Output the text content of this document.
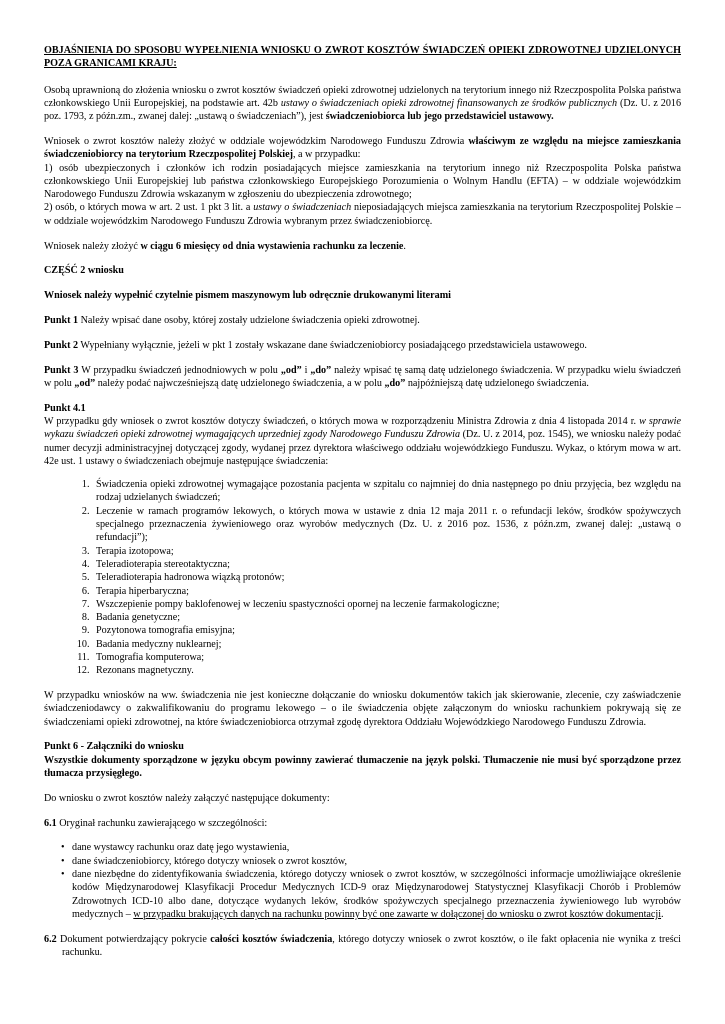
OBJAŚNIENIA DO SPOSOBU WYPEŁNIENIA WNIOSKU O ZWROT KOSZTÓW ŚWIADCZEŃ OPIEKI ZDROWOTNEJ UDZIELONYCH POZA GRANICAMI KRAJU:

Osobą uprawnioną do złożenia wniosku o zwrot kosztów świadczeń opieki zdrowotnej udzielonych na terytorium innego niż Rzeczpospolita Polska państwa członkowskiego Unii Europejskiej, na podstawie art. 42b ustawy o świadczeniach opieki zdrowotnej finansowanych ze środków publicznych (Dz. U. z 2016 poz. 1793, z późn.zm., zwanej dalej: „ustawą o świadczeniach”), jest świadczeniobiorca lub jego przedstawiciel ustawowy.

Wniosek o zwrot kosztów należy złożyć w oddziale wojewódzkim Narodowego Funduszu Zdrowia właściwym ze względu na miejsce zamieszkania świadczeniobiorcy na terytorium Rzeczpospolitej Polskiej, a w przypadku:

1) osób ubezpieczonych i członków ich rodzin posiadających miejsce zamieszkania na terytorium innego niż Rzeczpospolita Polska państwa członkowskiego Unii Europejskiej lub państwa członkowskiego Europejskiego Porozumienia o Wolnym Handlu (EFTA) – w oddziale wojewódzkim Narodowego Funduszu Zdrowia wskazanym w zgłoszeniu do ubezpieczenia zdrowotnego;

2) osób, o których mowa w art. 2 ust. 1 pkt 3 lit. a ustawy o świadczeniach nieposiadających miejsca zamieszkania na terytorium Rzeczpospolitej Polskie – w oddziale wojewódzkim Narodowego Funduszu Zdrowia wybranym przez świadczeniobiorcę.

Wniosek należy złożyć w ciągu 6 miesięcy od dnia wystawienia rachunku za leczenie.

CZĘŚĆ 2 wniosku

Wniosek należy wypełnić czytelnie pismem maszynowym lub odręcznie drukowanymi literami

Punkt 1 Należy wpisać dane osoby, której zostały udzielone świadczenia opieki zdrowotnej.

Punkt 2 Wypełniany wyłącznie, jeżeli w pkt 1 zostały wskazane dane świadczeniobiorcy posiadającego przedstawiciela ustawowego.

Punkt 3 W przypadku świadczeń jednodniowych w polu „od” i „do” należy wpisać tę samą datę udzielonego świadczenia. W przypadku wielu świadczeń w polu „od” należy podać najwcześniejszą datę udzielonego świadczenia, a w polu „do” najpóźniejszą datę udzielonego świadczenia.

Punkt 4.1

W przypadku gdy wniosek o zwrot kosztów dotyczy świadczeń, o których mowa w rozporządzeniu Ministra Zdrowia z dnia 4 listopada 2014 r. w sprawie wykazu świadczeń opieki zdrowotnej wymagających uprzedniej zgody Narodowego Funduszu Zdrowia (Dz. U. z 2014, poz. 1545), we wniosku należy podać numer decyzji administracyjnej dotyczącej zgody, wydanej przez dyrektora właściwego oddziału wojewódzkiego Funduszu. Wykaz, o którym mowa w art. 42e ust. 1 ustawy o świadczeniach obejmuje następujące świadczenia:

1. Świadczenia opieki zdrowotnej wymagające pozostania pacjenta w szpitalu co najmniej do dnia następnego po dniu przyjęcia, bez względu na rodzaj udzielanych świadczeń;
2. Leczenie w ramach programów lekowych, o których mowa w ustawie z dnia 12 maja 2011 r. o refundacji leków, środków spożywczych specjalnego przeznaczenia żywieniowego oraz wyrobów medycznych (Dz. U. z 2016 poz. 1536, z późn.zm, zwanej dalej: „ustawą o refundacji”);
3. Terapia izotopowa;
4. Teleradioterapia stereotaktyczna;
5. Teleradioterapia hadronowa wiązką protonów;
6. Terapia hiperbaryczna;
7. Wszczepienie pompy baklofenowej w leczeniu spastyczności opornej na leczenie farmakologiczne;
8. Badania genetyczne;
9. Pozytonowa tomografia emisyjna;
10. Badania medyczny nuklearnej;
11. Tomografia komputerowa;
12. Rezonans magnetyczny.

W przypadku wniosków na ww. świadczenia nie jest konieczne dołączanie do wniosku dokumentów takich jak skierowanie, zlecenie, czy zaświadczenie świadczeniodawcy o zakwalifikowaniu do programu lekowego – o ile świadczenia objęte załączonym do wniosku rachunkiem pokrywają się ze świadczeniami opieki zdrowotnej, na które świadczeniobiorca otrzymał zgodę dyrektora Oddziału Wojewódzkiego Narodowego Funduszu Zdrowia.

Punkt 6 - Załączniki do wniosku

Wszystkie dokumenty sporządzone w języku obcym powinny zawierać tłumaczenie na język polski. Tłumaczenie nie musi być sporządzone przez tłumacza przysięgłego.

Do wniosku o zwrot kosztów należy załączyć następujące dokumenty:

6.1 Oryginał rachunku zawierającego w szczególności:

• dane wystawcy rachunku oraz datę jego wystawienia,
• dane świadczeniobiorcy, którego dotyczy wniosek o zwrot kosztów,
• dane niezbędne do zidentyfikowania świadczenia, którego dotyczy wniosek o zwrot kosztów, w szczególności informacje umożliwiające określenie kodów Międzynarodowej Klasyfikacji Procedur Medycznych ICD-9 oraz Międzynarodowej Statystycznej Klasyfikacji Chorób i Problemów Zdrowotnych ICD-10 albo dane, dotyczące wydanych leków, środków spożywczych specjalnego przeznaczenia żywieniowego lub wyrobów medycznych – w przypadku brakujących danych na rachunku powinny być one zawarte w dołączonej do wniosku o zwrot kosztów dokumentacji.

6.2 Dokument potwierdzający pokrycie całości kosztów świadczenia, którego dotyczy wniosek o zwrot kosztów, o ile fakt opłacenia nie wynika z treści rachunku.
